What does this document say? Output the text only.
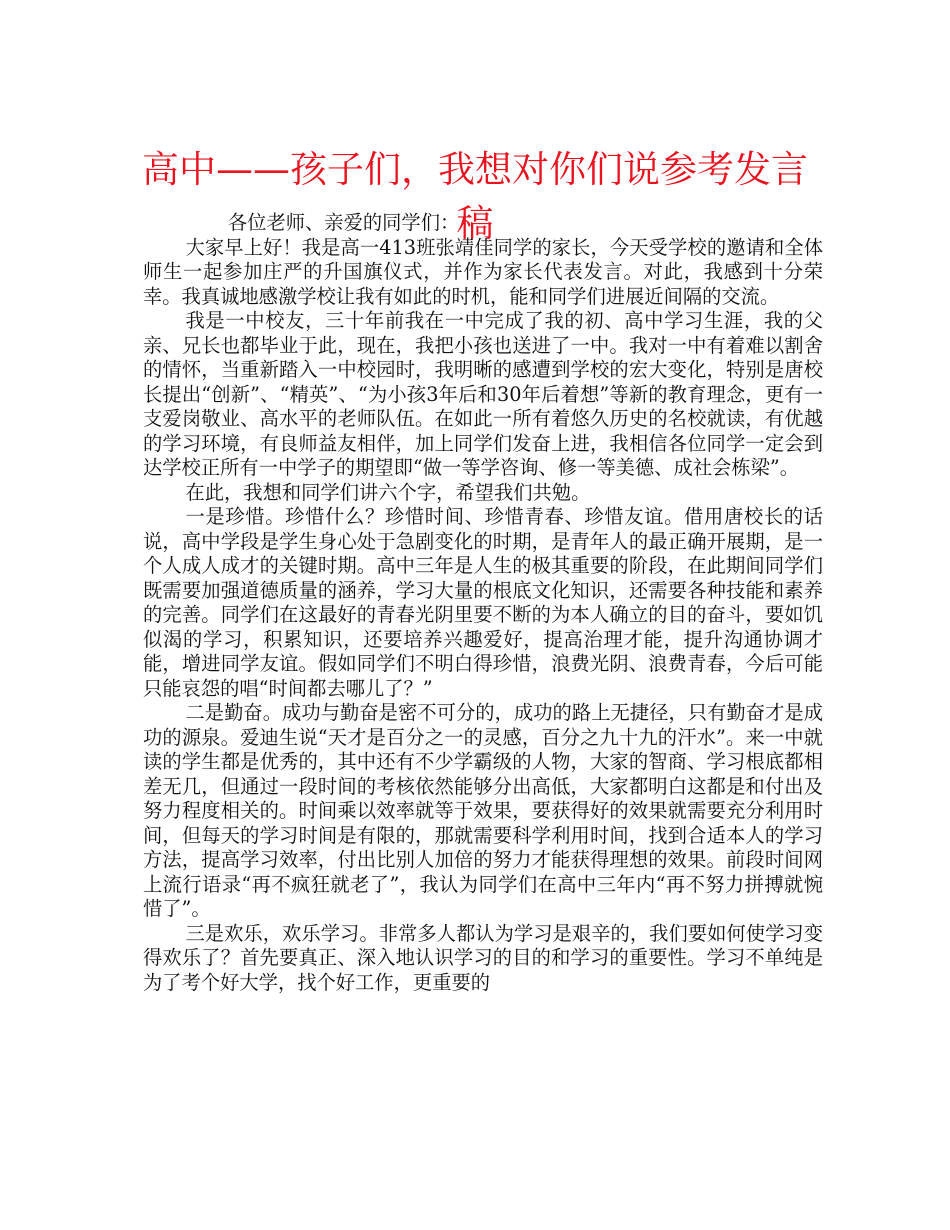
高中——孩子们，我想对你们说参考发言稿

各位老师、亲爱的同学们：

大家早上好！我是高一413班张靖佳同学的家长，今天受学校的邀请和全体师生一起参加庄严的升国旗仪式，并作为家长代表发言。对此，我感到十分荣幸。我真诚地感激学校让我有如此的时机，能和同学们进展近间隔的交流。

我是一中校友，三十年前我在一中完成了我的初、高中学习生涯，我的父亲、兄长也都毕业于此，现在，我把小孩也送进了一中。我对一中有着难以割舍的情怀，当重新踏入一中校园时，我明晰的感遭到学校的宏大变化，特别是唐校长提出“创新”、“精英”、“为小孩3年后和30年后着想”等新的教育理念，更有一支爱岗敬业、高水平的老师队伍。在如此一所有着悠久历史的名校就读，有优越的学习环境，有良师益友相伴，加上同学们发奋上进，我相信各位同学一定会到达学校正所有一中学子的期望即“做一等学咨询、修一等美德、成社会栋梁”。

在此，我想和同学们讲六个字，希望我们共勉。

一是珍惜。珍惜什么？珍惜时间、珍惜青春、珍惜友谊。借用唐校长的话说，高中学段是学生身心处于急剧变化的时期，是青年人的最正确开展期，是一个人成人成才的关键时期。高中三年是人生的极其重要的阶段，在此期间同学们既需要加强道德质量的涵养，学习大量的根底文化知识，还需要各种技能和素养的完善。同学们在这最好的青春光阴里要不断的为本人确立的目的奋斗，要如饥似渴的学习，积累知识，还要培养兴趣爱好，提高治理才能，提升沟通协调才能，增进同学友谊。假如同学们不明白得珍惜，浪费光阴、浪费青春，今后可能只能哀怨的唱“时间都去哪儿了？”

二是勤奋。成功与勤奋是密不可分的，成功的路上无捷径，只有勤奋才是成功的源泉。爱迪生说“天才是百分之一的灵感，百分之九十九的汗水”。来一中就读的学生都是优秀的，其中还有不少学霸级的人物，大家的智商、学习根底都相差无几，但通过一段时间的考核依然能够分出高低，大家都明白这都是和付出及努力程度相关的。时间乘以效率就等于效果，要获得好的效果就需要充分利用时间，但每天的学习时间是有限的，那就需要科学利用时间，找到合适本人的学习方法，提高学习效率，付出比别人加倍的努力才能获得理想的效果。前段时间网上流行语录“再不疯狂就老了”，我认为同学们在高中三年内“再不努力拼搏就惋惜了”。

三是欢乐，欢乐学习。非常多人都认为学习是艰辛的，我们要如何使学习变得欢乐了？首先要真正、深入地认识学习的目的和学习的重要性。学习不单纯是为了考个好大学，找个好工作，更重要的
